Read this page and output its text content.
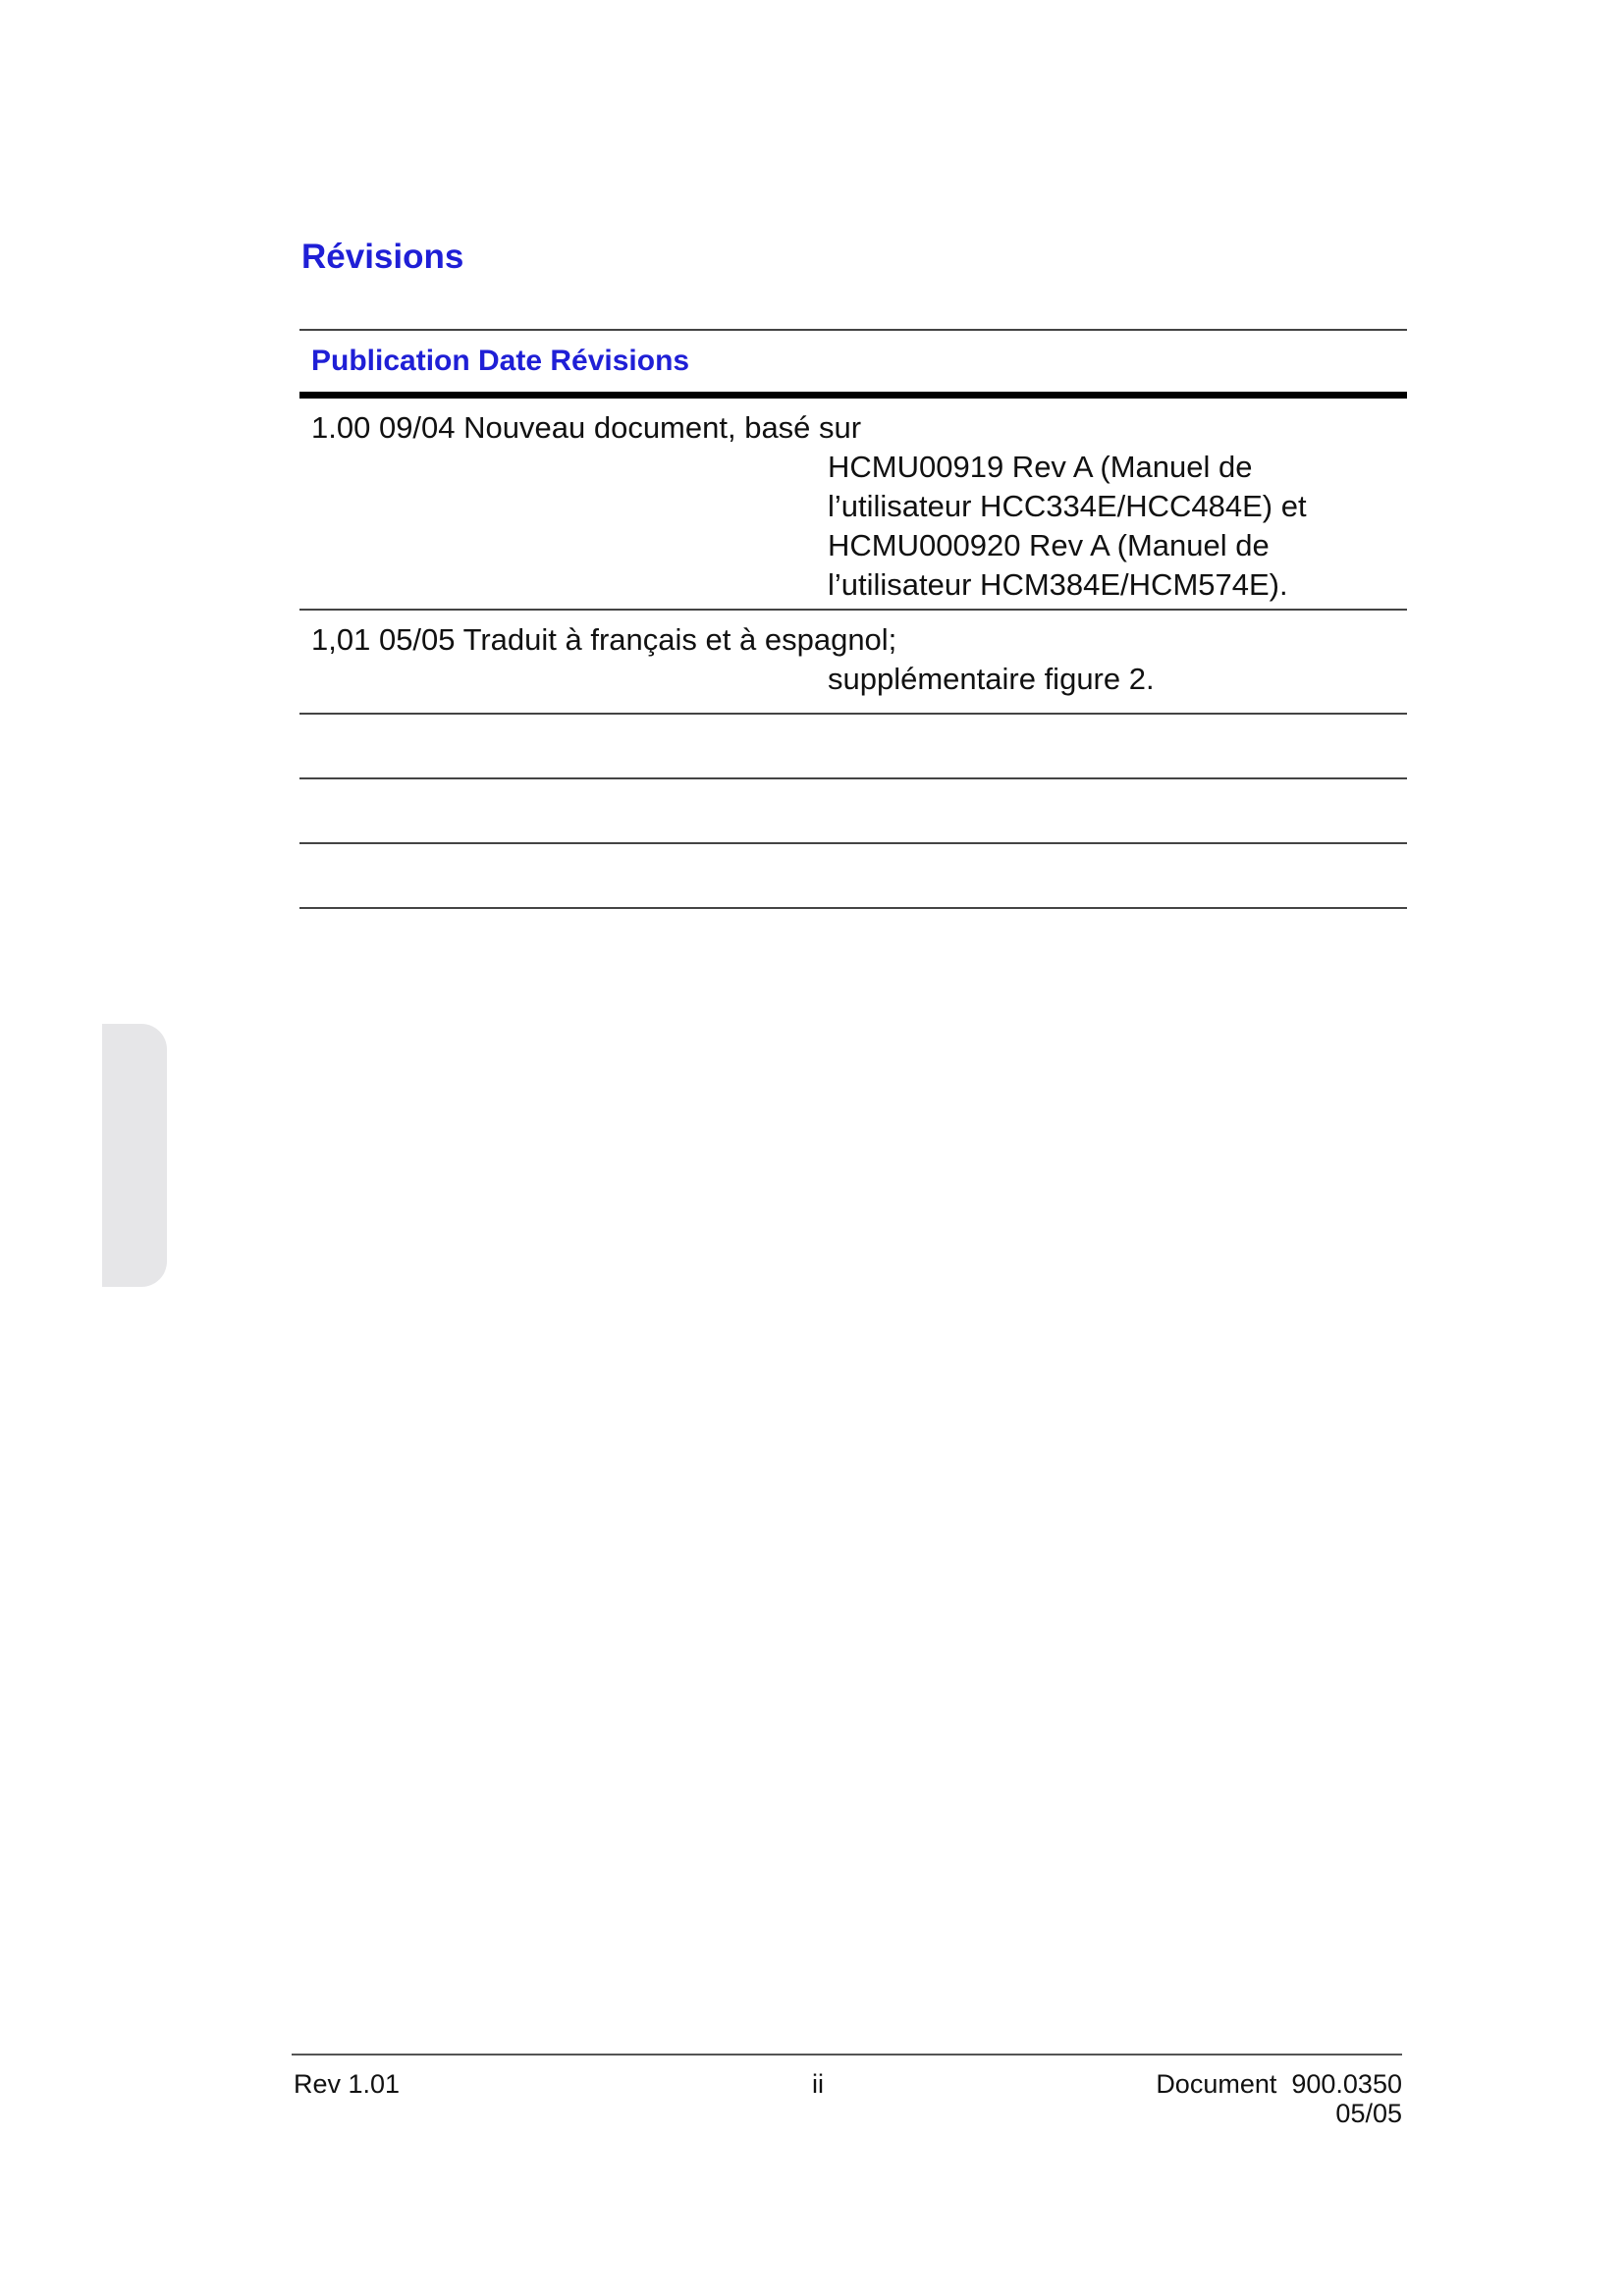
Révisions
Publication Date Révisions
1.00 09/04 Nouveau document, basé sur
HCMU00919 Rev A (Manuel de
l’utilisateur HCC334E/HCC484E) et
HCMU000920 Rev A (Manuel de
l’utilisateur HCM384E/HCM574E).
1,01 05/05 Traduit à français et à espagnol;
supplémentaire figure 2.
Rev 1.01	ii	Document  900.0350
05/05
